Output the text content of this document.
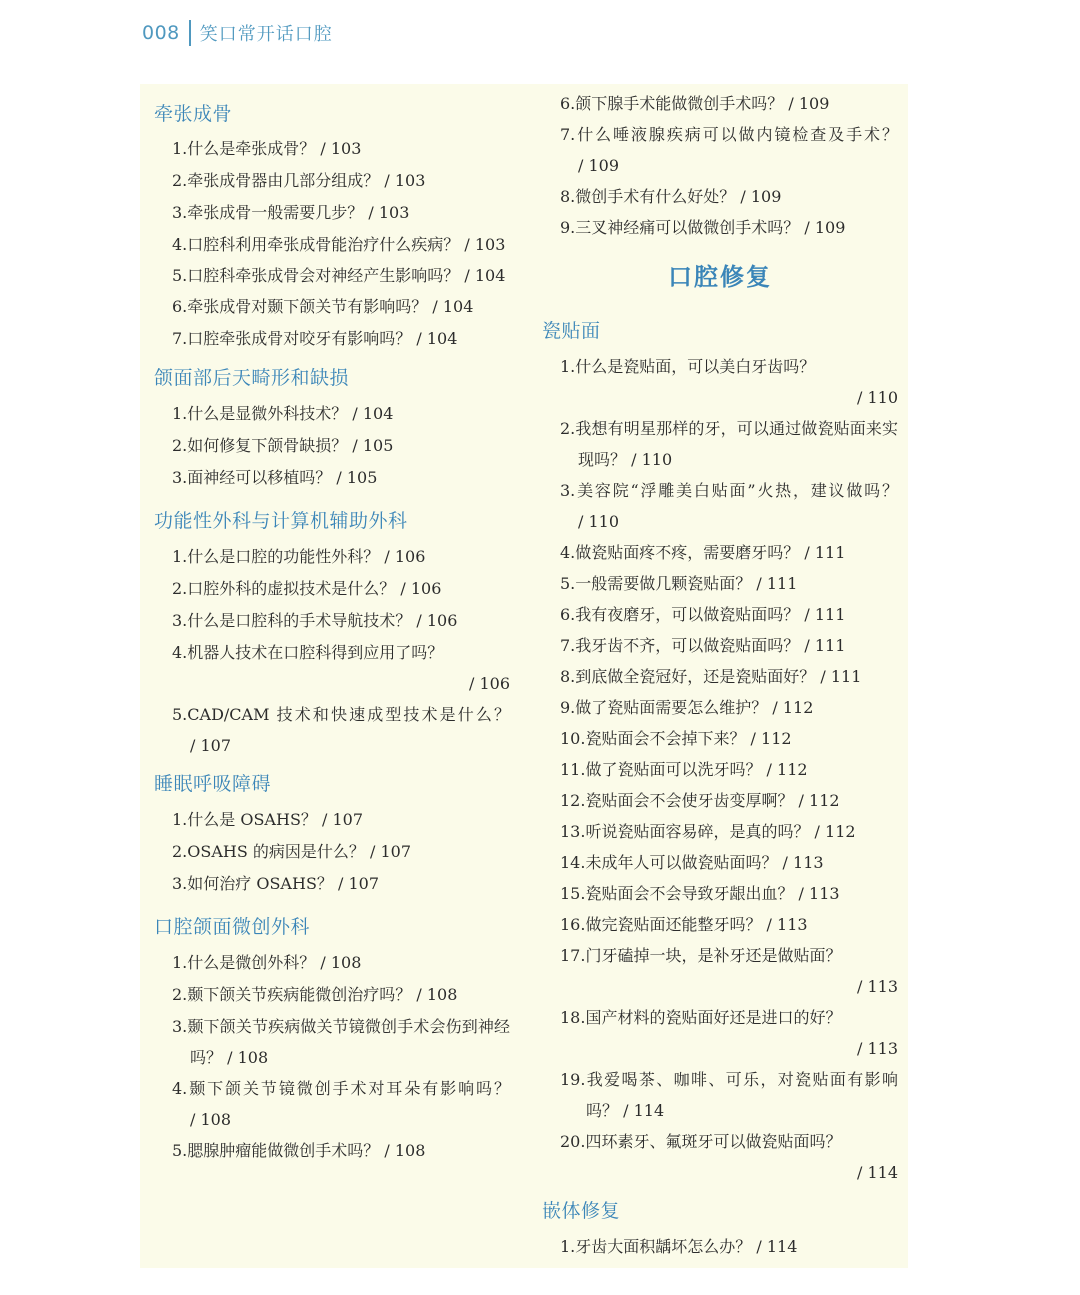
008 笑口常开话口腔
牵张成骨
1.什么是牵张成骨？ / 103
2.牵张成骨器由几部分组成？ / 103
3.牵张成骨一般需要几步？ / 103
4.口腔科利用牵张成骨能治疗什么疾病？ / 103
5.口腔科牵张成骨会对神经产生影响吗？ / 104
6.牵张成骨对颞下颌关节有影响吗？ / 104
7.口腔牵张成骨对咬牙有影响吗？ / 104
颌面部后天畸形和缺损
1.什么是显微外科技术？ / 104
2.如何修复下颌骨缺损？ / 105
3.面神经可以移植吗？ / 105
功能性外科与计算机辅助外科
1.什么是口腔的功能性外科？ / 106
2.口腔外科的虚拟技术是什么？ / 106
3.什么是口腔科的手术导航技术？ / 106
4.机器人技术在口腔科得到应用了吗？
/ 106
5.CAD/CAM 技术和快速成型技术是什么？ / 107
睡眠呼吸障碍
1.什么是 OSAHS？ / 107
2.OSAHS 的病因是什么？ / 107
3.如何治疗 OSAHS？ / 107
口腔颌面微创外科
1.什么是微创外科？ / 108
2.颞下颌关节疾病能微创治疗吗？ / 108
3.颞下颌关节疾病做关节镜微创手术会伤到神经吗？ / 108
4.颞下颌关节镜微创手术对耳朵有影响吗？ / 108
5.腮腺肿瘤能做微创手术吗？ / 108
6.颌下腺手术能做微创手术吗？ / 109
7.什么唾液腺疾病可以做内镜检查及手术？ / 109
8.微创手术有什么好处？ / 109
9.三叉神经痛可以做微创手术吗？ / 109
口腔修复
瓷贴面
1.什么是瓷贴面，可以美白牙齿吗？
/ 110
2.我想有明星那样的牙，可以通过做瓷贴面来实现吗？ / 110
3.美容院“浮雕美白贴面”火热，建议做吗？ / 110
4.做瓷贴面疼不疼，需要磨牙吗？ / 111
5.一般需要做几颗瓷贴面？ / 111
6.我有夜磨牙，可以做瓷贴面吗？ / 111
7.我牙齿不齐，可以做瓷贴面吗？ / 111
8.到底做全瓷冠好，还是瓷贴面好？ / 111
9.做了瓷贴面需要怎么维护？ / 112
10.瓷贴面会不会掉下来？ / 112
11.做了瓷贴面可以洗牙吗？ / 112
12.瓷贴面会不会使牙齿变厚啊？ / 112
13.听说瓷贴面容易碎，是真的吗？ / 112
14.未成年人可以做瓷贴面吗？ / 113
15.瓷贴面会不会导致牙龈出血？ / 113
16.做完瓷贴面还能整牙吗？ / 113
17.门牙磕掉一块，是补牙还是做贴面？
/ 113
18.国产材料的瓷贴面好还是进口的好？
/ 113
19.我爱喝茶、咖啡、可乐，对瓷贴面有影响吗？ / 114
20.四环素牙、氟斑牙可以做瓷贴面吗？
/ 114
嵌体修复
1.牙齿大面积龋坏怎么办？ / 114
